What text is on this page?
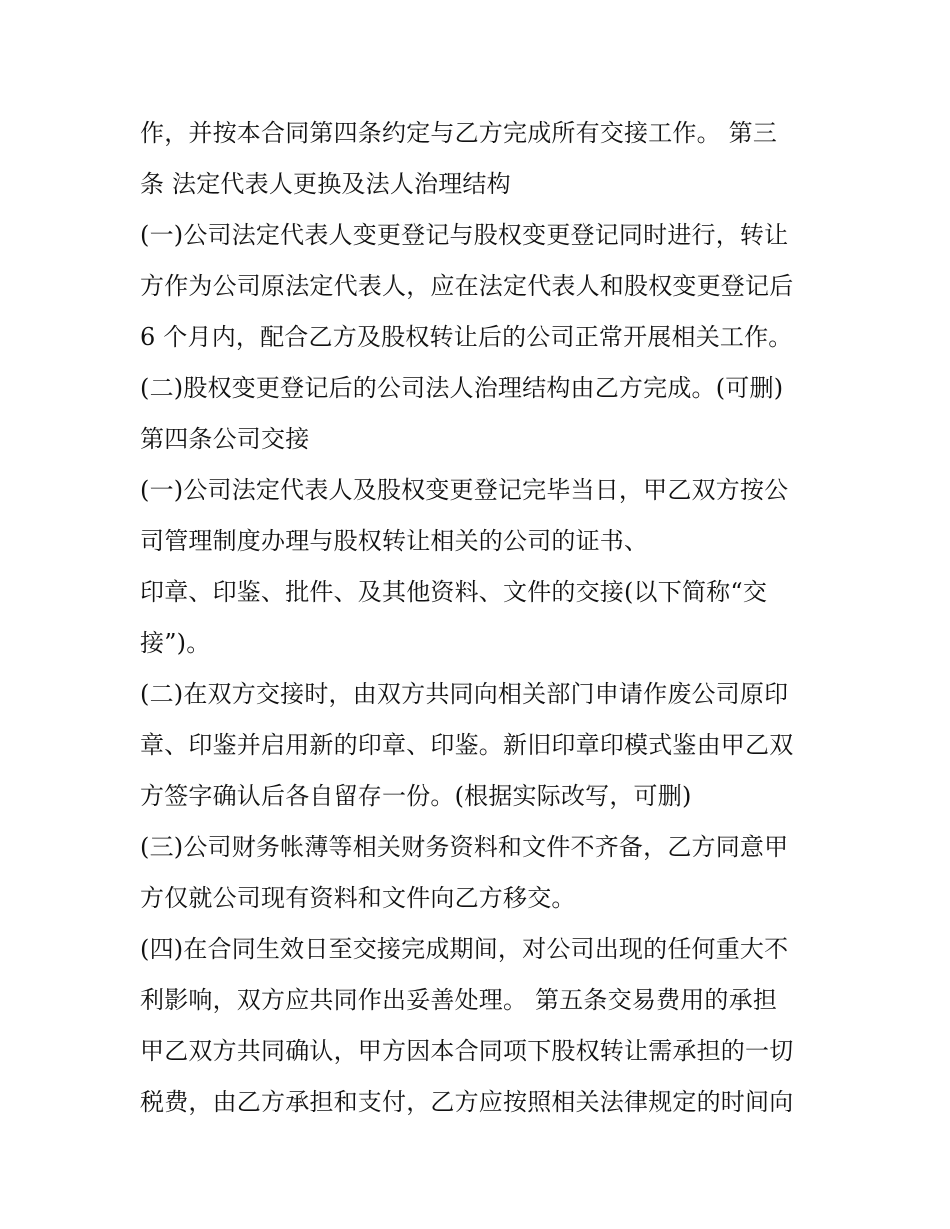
作，并按本合同第四条约定与乙方完成所有交接工作。 第三
条 法定代表人更换及法人治理结构
(一)公司法定代表人变更登记与股权变更登记同时进行，转让
方作为公司原法定代表人，应在法定代表人和股权变更登记后
6 个月内，配合乙方及股权转让后的公司正常开展相关工作。
(二)股权变更登记后的公司法人治理结构由乙方完成。(可删)
第四条公司交接
(一)公司法定代表人及股权变更登记完毕当日，甲乙双方按公
司管理制度办理与股权转让相关的公司的证书、
印章、印鉴、批件、及其他资料、文件的交接(以下简称“交
接”)。
(二)在双方交接时，由双方共同向相关部门申请作废公司原印
章、印鉴并启用新的印章、印鉴。新旧印章印模式鉴由甲乙双
方签字确认后各自留存一份。(根据实际改写，可删)
(三)公司财务帐薄等相关财务资料和文件不齐备，乙方同意甲
方仅就公司现有资料和文件向乙方移交。
(四)在合同生效日至交接完成期间，对公司出现的任何重大不
利影响，双方应共同作出妥善处理。 第五条交易费用的承担
甲乙双方共同确认，甲方因本合同项下股权转让需承担的一切
税费，由乙方承担和支付，乙方应按照相关法律规定的时间向
